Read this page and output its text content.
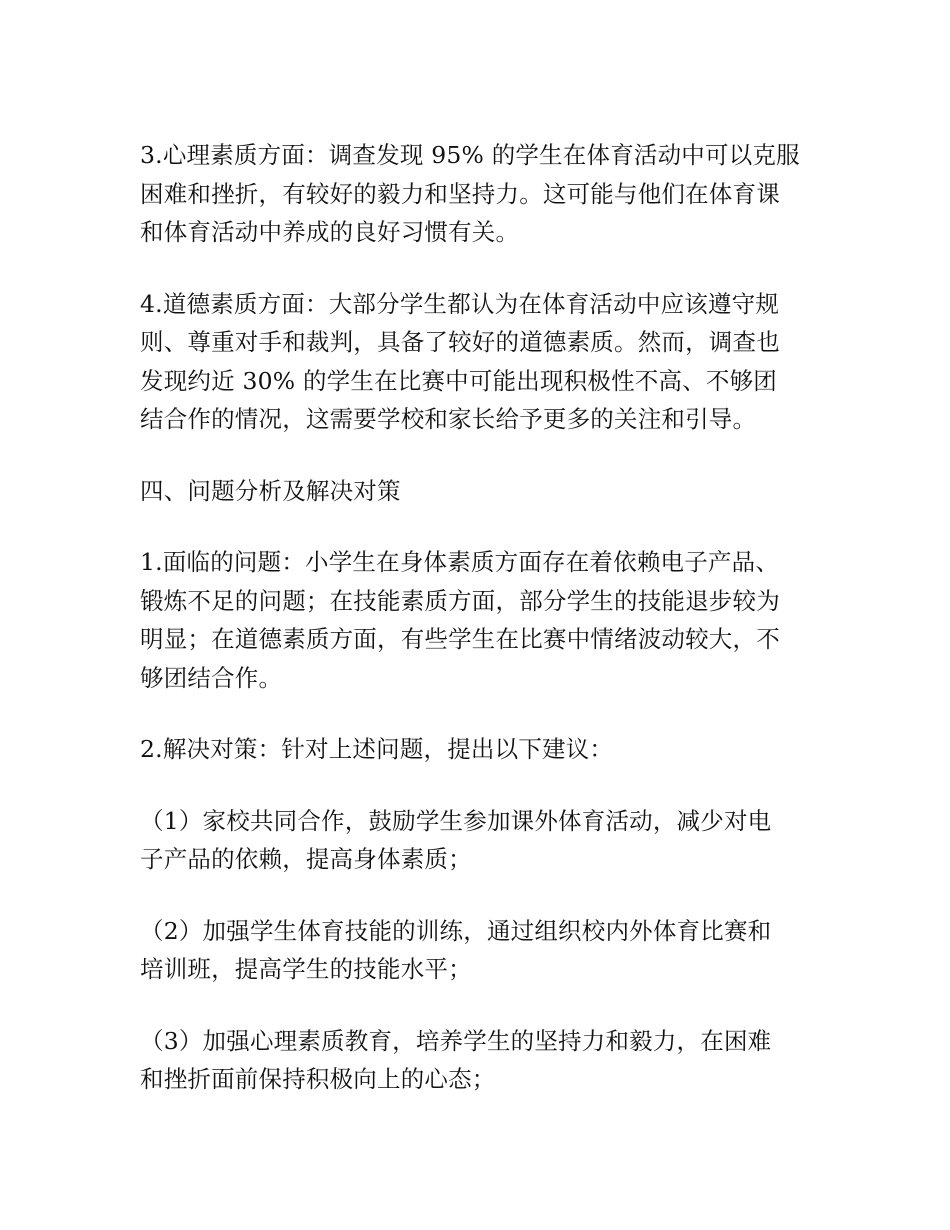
3.心理素质方面：调查发现 95% 的学生在体育活动中可以克服
困难和挫折，有较好的毅力和坚持力。这可能与他们在体育课
和体育活动中养成的良好习惯有关。

4.道德素质方面：大部分学生都认为在体育活动中应该遵守规
则、尊重对手和裁判，具备了较好的道德素质。然而，调查也
发现约近 30% 的学生在比赛中可能出现积极性不高、不够团
结合作的情况，这需要学校和家长给予更多的关注和引导。

四、问题分析及解决对策

1.面临的问题：小学生在身体素质方面存在着依赖电子产品、
锻炼不足的问题；在技能素质方面，部分学生的技能退步较为
明显；在道德素质方面，有些学生在比赛中情绪波动较大，不
够团结合作。

2.解决对策：针对上述问题，提出以下建议：

（1）家校共同合作，鼓励学生参加课外体育活动，减少对电
子产品的依赖，提高身体素质；

（2）加强学生体育技能的训练，通过组织校内外体育比赛和
培训班，提高学生的技能水平；

（3）加强心理素质教育，培养学生的坚持力和毅力，在困难
和挫折面前保持积极向上的心态；
